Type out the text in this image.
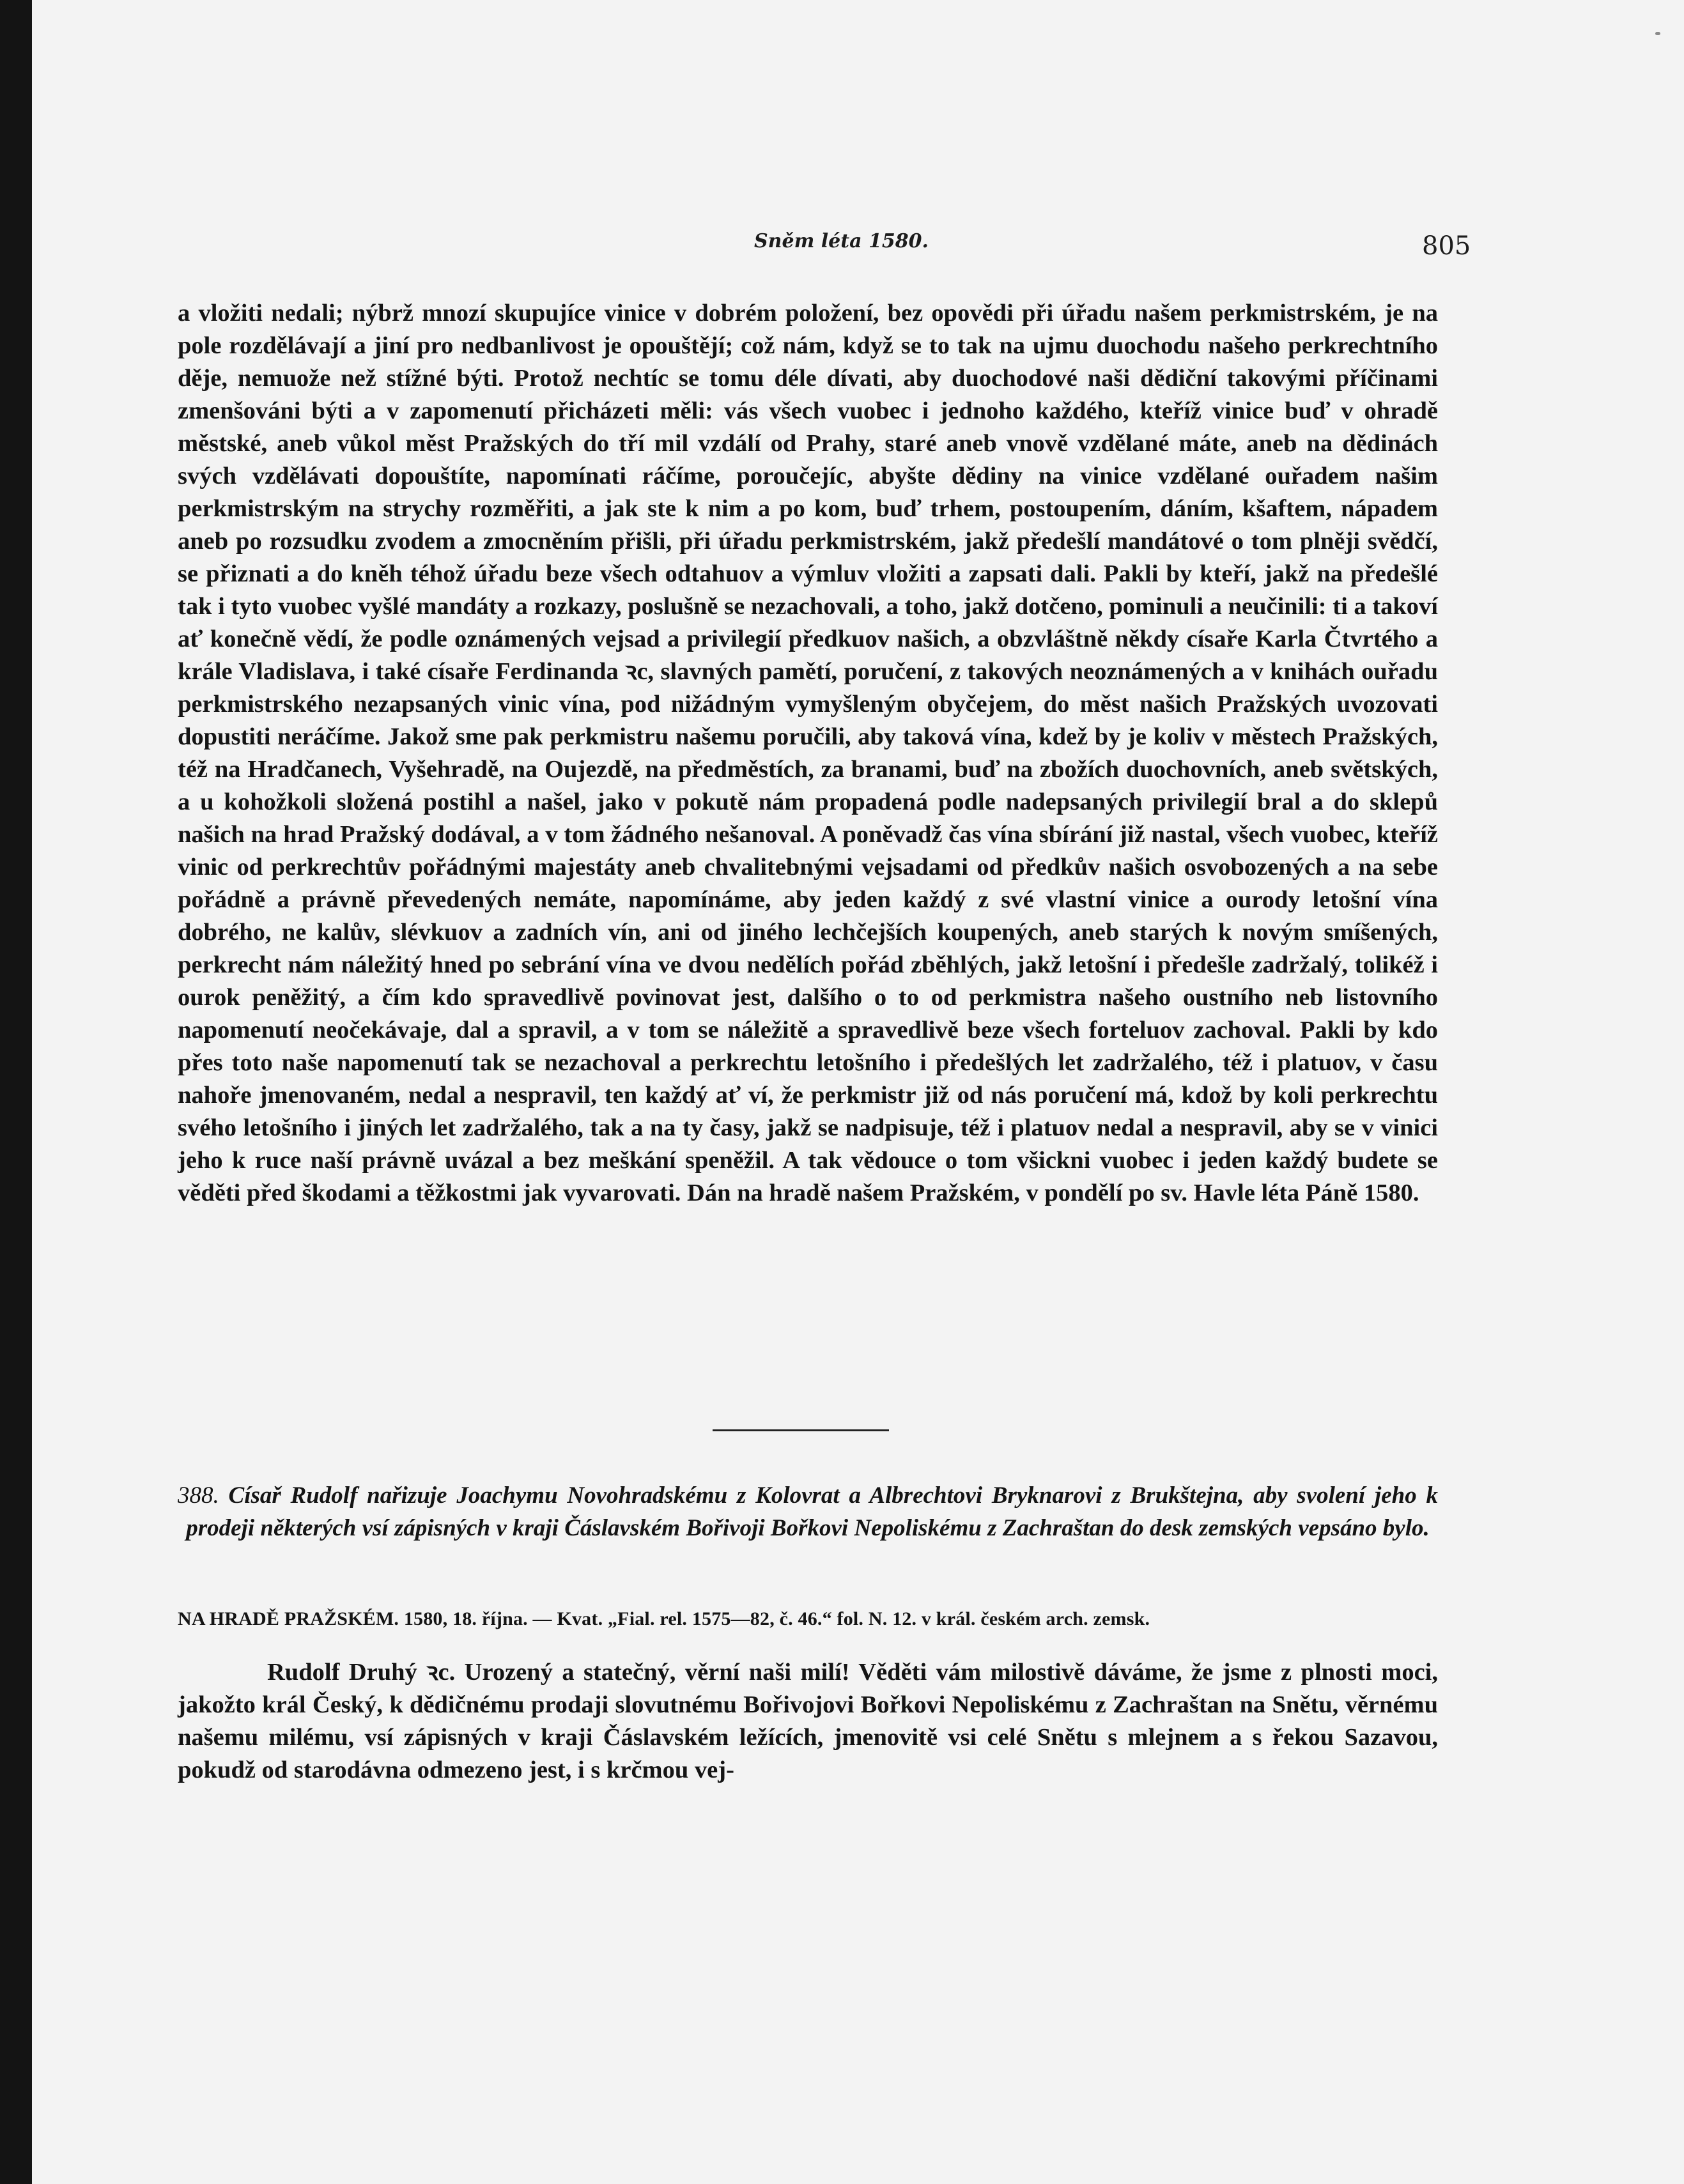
Sněm léta 1580.	805

a vložiti nedali; nýbrž mnozí skupujíce vinice v dobrém položení, bez opovědi při úřadu našem perkmistrském, je na pole rozdělávají a jiní pro nedbanlivost je opouštějí; což nám, když se to tak na ujmu duochodu našeho perkrechtního děje, nemuože než stížné býti. Protož nechtíc se tomu déle dívati, aby duochodové naši dědiční takovými příčinami zmenšováni býti a v zapomenutí přicházeti měli: vás všech vuobec i jednoho každého, kteříž vinice buď v ohradě městské, aneb vůkol měst Pražských do tří mil vzdálí od Prahy, staré aneb vnově vzdělané máte, aneb na dědinách svých vzdělávati dopouštíte, napomínati ráčíme, poroučejíc, abyšte dědiny na vinice vzdělané ouřadem našim perkmistrským na strychy rozměřiti, a jak ste k nim a po kom, buď trhem, postoupením, dáním, kšaftem, nápadem aneb po rozsudku zvodem a zmocněním přišli, při úřadu perkmistrském, jakž předešlí mandátové o tom plněji svědčí, se přiznati a do kněh téhož úřadu beze všech odtahuov a výmluv vložiti a zapsati dali. Pakli by kteří, jakž na předešlé tak i tyto vuobec vyšlé mandáty a rozkazy, poslušně se nezachovali, a toho, jakž dotčeno, pominuli a neučinili: ti a takoví ať konečně vědí, že podle oznámených vejsad a privilegií předkuov našich, a obzvláštně někdy císaře Karla Čtvrtého a krále Vladislava, i také císaře Ferdinanda ꝛc, slavných pamětí, poručení, z takových neoznámených a v knihách ouřadu perkmistrského nezapsaných vinic vína, pod nižádným vymyšleným obyčejem, do měst našich Pražských uvozovati dopustiti neráčíme. Jakož sme pak perkmistru našemu poručili, aby taková vína, kdež by je koliv v městech Pražských, též na Hradčanech, Vyšehradě, na Oujezdě, na předměstích, za branami, buď na zbožích duochovních, aneb světských, a u kohožkoli složená postihl a našel, jako v pokutě nám propadená podle nadepsaných privilegií bral a do sklepů našich na hrad Pražský dodával, a v tom žádného nešanoval. A poněvadž čas vína sbírání již nastal, všech vuobec, kteříž vinic od perkrechtův pořádnými majestáty aneb chvalitebnými vejsadami od předkův našich osvobozených a na sebe pořádně a právně převedených nemáte, napomínáme, aby jeden každý z své vlastní vinice a ourody letošní vína dobrého, ne kalův, slévkuov a zadních vín, ani od jiného lechčejších koupených, aneb starých k novým smíšených, perkrecht nám náležitý hned po sebrání vína ve dvou nedělích pořád zběhlých, jakž letošní i předešle zadržalý, tolikéž i ourok peněžitý, a čím kdo spravedlivě povinovat jest, dalšího o to od perkmistra našeho oustního neb listovního napomenutí neočekávaje, dal a spravil, a v tom se náležitě a spravedlivě beze všech forteluov zachoval. Pakli by kdo přes toto naše napomenutí tak se nezachoval a perkrechtu letošního i předešlých let zadržalého, též i platuov, v času nahoře jmenovaném, nedal a nespravil, ten každý ať ví, že perkmistr již od nás poručení má, kdož by koli perkrechtu svého letošního i jiných let zadržalého, tak a na ty časy, jakž se nadpisuje, též i platuov nedal a nespravil, aby se v vinici jeho k ruce naší právně uvázal a bez meškání speněžil. A tak vědouce o tom všickni vuobec i jeden každý budete se věděti před škodami a těžkostmi jak vyvarovati. Dán na hradě našem Pražském, v pondělí po sv. Havle léta Páně 1580.

388. Císař Rudolf nařizuje Joachymu Novohradskému z Kolovrat a Albrechtovi Bryknarovi z Brukštejna, aby svolení jeho k prodeji některých vsí zápisných v kraji Čáslavském Bořivoji Bořkovi Nepoliskému z Zachraštan do desk zemských vepsáno bylo.

NA HRADĚ PRAŽSKÉM. 1580, 18. října. — Kvat. „Fial. rel. 1575—82, č. 46.“ fol. N. 12. v král. českém arch. zemsk.

Rudolf Druhý ꝛc. Urozený a statečný, věrní naši milí! Věděti vám milostivě dáváme, že jsme z plnosti moci, jakožto král Český, k dědičnému prodaji slovutnému Bořivojovi Bořkovi Nepoliskému z Zachraštan na Snětu, věrnému našemu milému, vsí zápisných v kraji Čáslavském ležících, jmenovitě vsi celé Snětu s mlejnem a s řekou Sazavou, pokudž od starodávna odmezeno jest, i s krčmou vej-
